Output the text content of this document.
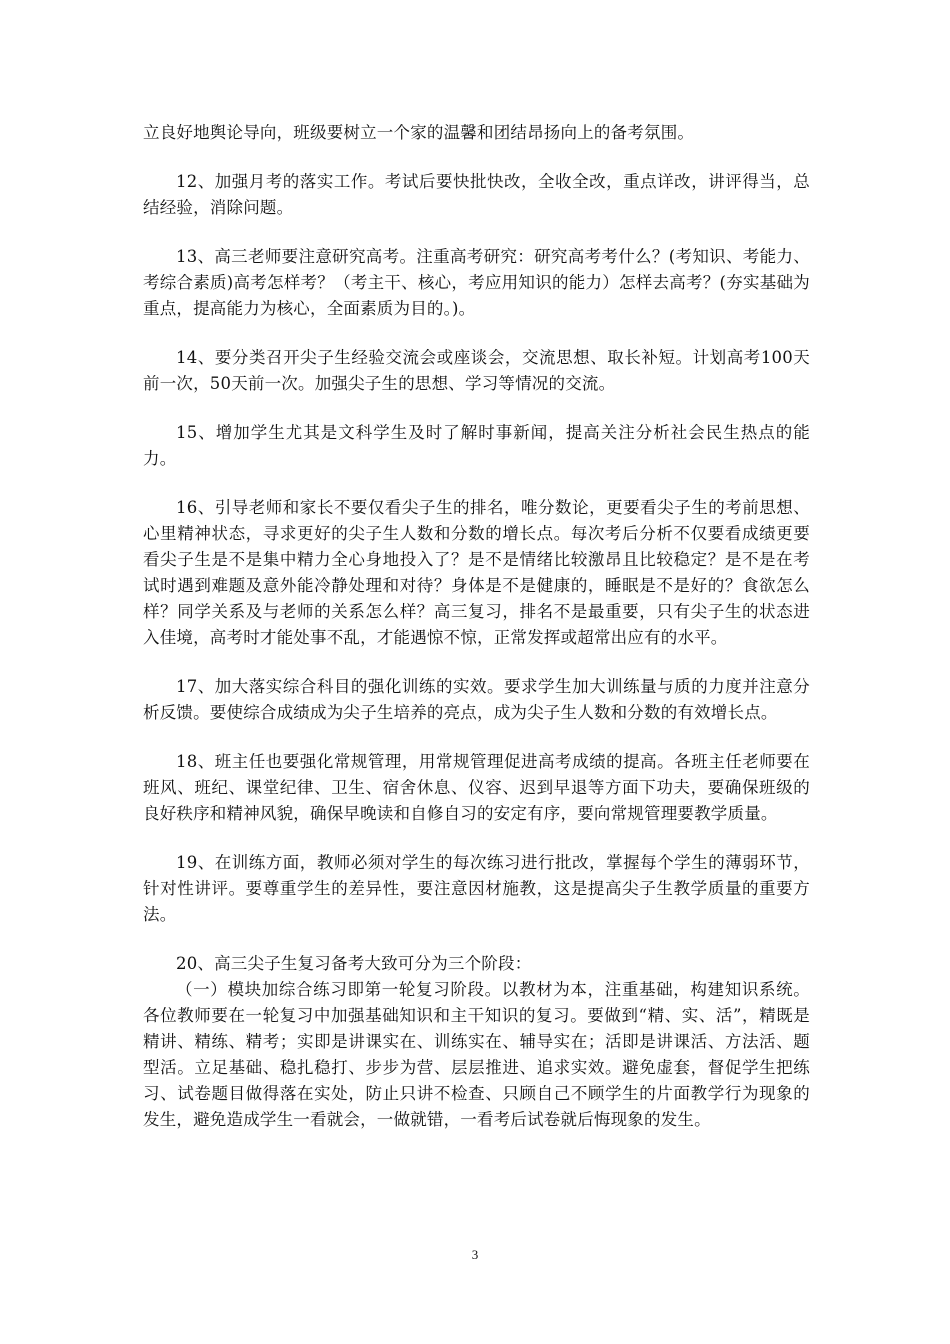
立良好地舆论导向，班级要树立一个家的温馨和团结昂扬向上的备考氛围。

12、加强月考的落实工作。考试后要快批快改，全收全改，重点详改，讲评得当，总结经验，消除问题。

13、高三老师要注意研究高考。注重高考研究：研究高考考什么？(考知识、考能力、考综合素质)高考怎样考？（考主干、核心，考应用知识的能力）怎样去高考？(夯实基础为重点，提高能力为核心，全面素质为目的。)。

14、要分类召开尖子生经验交流会或座谈会，交流思想、取长补短。计划高考100天前一次，50天前一次。加强尖子生的思想、学习等情况的交流。

15、增加学生尤其是文科学生及时了解时事新闻，提高关注分析社会民生热点的能力。

16、引导老师和家长不要仅看尖子生的排名，唯分数论，更要看尖子生的考前思想、心里精神状态，寻求更好的尖子生人数和分数的增长点。每次考后分析不仅要看成绩更要看尖子生是不是集中精力全心身地投入了？是不是情绪比较激昂且比较稳定？是不是在考试时遇到难题及意外能冷静处理和对待？身体是不是健康的，睡眠是不是好的？食欲怎么样？同学关系及与老师的关系怎么样？高三复习，排名不是最重要，只有尖子生的状态进入佳境，高考时才能处事不乱，才能遇惊不惊，正常发挥或超常出应有的水平。

17、加大落实综合科目的强化训练的实效。要求学生加大训练量与质的力度并注意分析反馈。要使综合成绩成为尖子生培养的亮点，成为尖子生人数和分数的有效增长点。

18、班主任也要强化常规管理，用常规管理促进高考成绩的提高。各班主任老师要在班风、班纪、课堂纪律、卫生、宿舍休息、仪容、迟到早退等方面下功夫，要确保班级的良好秩序和精神风貌，确保早晚读和自修自习的安定有序，要向常规管理要教学质量。

19、在训练方面，教师必须对学生的每次练习进行批改，掌握每个学生的薄弱环节，针对性讲评。要尊重学生的差异性，要注意因材施教，这是提高尖子生教学质量的重要方法。

20、高三尖子生复习备考大致可分为三个阶段：

（一）模块加综合练习即第一轮复习阶段。以教材为本，注重基础，构建知识系统。各位教师要在一轮复习中加强基础知识和主干知识的复习。要做到“精、实、活”，精既是精讲、精练、精考；实即是讲课实在、训练实在、辅导实在；活即是讲课活、方法活、题型活。立足基础、稳扎稳打、步步为营、层层推进、追求实效。避免虚套，督促学生把练习、试卷题目做得落在实处，防止只讲不检查、只顾自己不顾学生的片面教学行为现象的发生，避免造成学生一看就会，一做就错，一看考后试卷就后悔现象的发生。

3
